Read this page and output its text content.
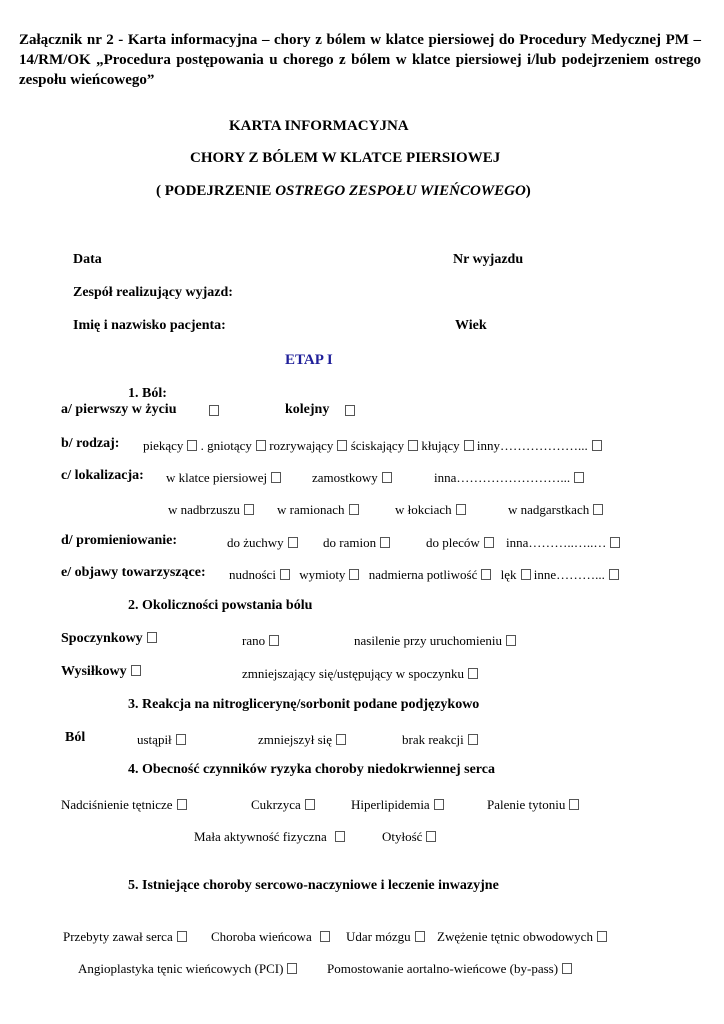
Załącznik nr 2 - Karta informacyjna – chory z bólem w klatce piersiowej do Procedury Medycznej PM –
14/RM/OK „Procedura postępowania u chorego z bólem w klatce piersiowej i/lub podejrzeniem ostrego
zespołu wieńcowego”
KARTA INFORMACYJNA
CHORY Z BÓLEM W KLATCE PIERSIOWEJ
( PODEJRZENIE OSTREGO ZESPOŁU WIEŃCOWEGO)
Data	Nr wyjazdu
Zespół realizujący wyjazd:
Imię i nazwisko pacjenta:	Wiek
ETAP I
1. Ból:
a/ pierwszy w życiu	kolejny
b/ rodzaj: piekący . gniotący rozrywający ściskający kłujący inny………………...
c/ lokalizacja: w klatce piersiowej	zamostkowy	inna……………………...
w nadbrzuszu	w ramionach	w łokciach	w nadgarstkach
d/ promieniowanie:	do żuchwy	do ramion	do pleców	inna………..…..…
e/ objawy towarzyszące: nudności wymioty nadmierna potliwość lęk inne………...
2. Okoliczności powstania bólu
Spoczynkowy	rano	nasilenie przy uruchomieniu
Wysiłkowy	zmniejszający się/ustępujący w spoczynku
3. Reakcja na nitroglicerynę/sorbonit podane podjęzykowo
Ból	ustąpił	zmniejszył się	brak reakcji
4. Obecność czynników ryzyka choroby niedokrwiennej serca
Nadciśnienie tętnicze	Cukrzyca	Hiperlipidemia	Palenie tytoniu
Mała aktywność fizyczna	Otyłość
5. Istniejące choroby sercowo-naczyniowe i leczenie inwazyjne
Przebyty zawał serca	Choroba wieńcowa	Udar mózgu	Zwężenie tętnic obwodowych
Angioplastyka tęnic wieńcowych (PCI)	Pomostowanie aortalno-wieńcowe (by-pass)
